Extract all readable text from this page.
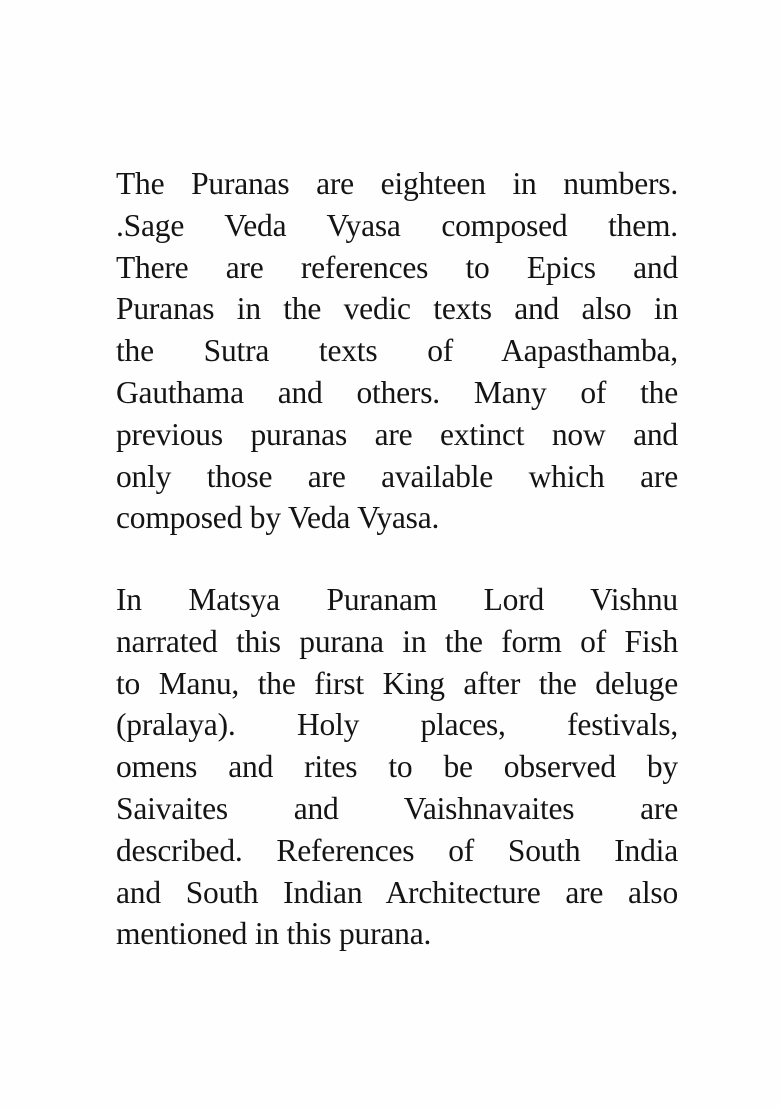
The Puranas are eighteen in numbers.
.Sage Veda Vyasa composed them.
There are references to Epics and
Puranas in the vedic texts and also in
the Sutra texts of Aapasthamba,
Gauthama and others. Many of the
previous puranas are extinct now and
only those are available which are
composed by Veda Vyasa.
In Matsya Puranam Lord Vishnu
narrated this purana in the form of Fish
to Manu, the first King after the deluge
(pralaya). Holy places, festivals,
omens and rites to be observed by
Saivaites and Vaishnavaites are
described. References of South India
and South Indian Architecture are also
mentioned in this purana.
